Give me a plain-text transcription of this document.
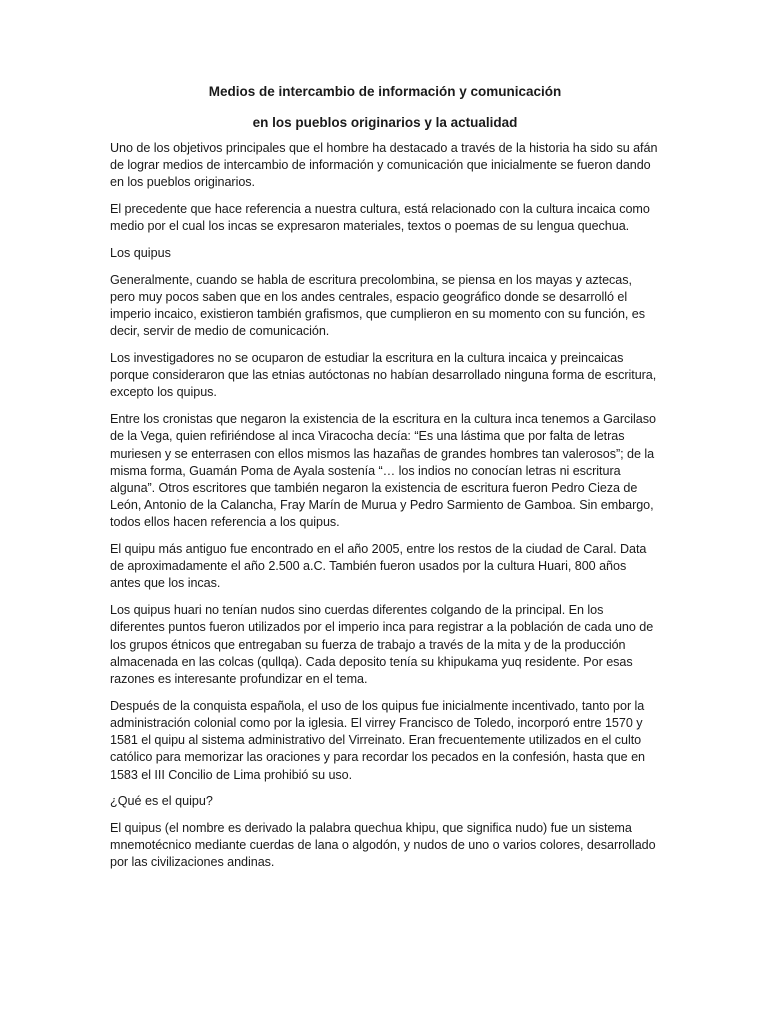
Medios de intercambio de información y comunicación
en los pueblos originarios y la actualidad

Uno de los objetivos principales que el hombre ha destacado a través de la historia ha sido su afán de lograr medios de intercambio de información y comunicación que inicialmente se fueron dando en los pueblos originarios.

El precedente que hace referencia a nuestra cultura, está relacionado con la cultura incaica como medio por el cual los incas se expresaron materiales, textos o poemas de su lengua quechua.

Los quipus

Generalmente, cuando se habla de escritura precolombina, se piensa en los mayas y aztecas, pero muy pocos saben que en los andes centrales, espacio geográfico donde se desarrolló el imperio incaico, existieron también grafismos, que cumplieron en su momento con su función, es decir, servir de medio de comunicación.

Los investigadores no se ocuparon de estudiar la escritura en la cultura incaica y preincaicas porque consideraron que las etnias autóctonas no habían desarrollado ninguna forma de escritura, excepto los quipus.

Entre los cronistas que negaron la existencia de la escritura en la cultura inca tenemos a Garcilaso de la Vega, quien refiriéndose al inca Viracocha decía: “Es una lástima que por falta de letras muriesen y se enterrasen con ellos mismos las hazañas de grandes hombres tan valerosos”; de la misma forma, Guamán Poma de Ayala sostenía “… los indios no conocían letras ni escritura alguna”. Otros escritores que también negaron la existencia de escritura fueron Pedro Cieza de León, Antonio de la Calancha, Fray Marín de Murua y Pedro Sarmiento de Gamboa. Sin embargo, todos ellos hacen referencia a los quipus.

El quipu más antiguo fue encontrado en el año 2005, entre los restos de la ciudad de Caral. Data de aproximadamente el año 2.500 a.C. También fueron usados por la cultura Huari, 800 años antes que los incas.

Los quipus huari no tenían nudos sino cuerdas diferentes colgando de la principal. En los diferentes puntos fueron utilizados por el imperio inca para registrar a la población de cada uno de los grupos étnicos que entregaban su fuerza de trabajo a través de la mita y de la producción almacenada en las colcas (qullqa). Cada deposito tenía su khipukama yuq residente. Por esas razones es interesante profundizar en el tema.

Después de la conquista española, el uso de los quipus fue inicialmente incentivado, tanto por la administración colonial como por la iglesia. El virrey Francisco de Toledo, incorporó entre 1570 y 1581 el quipu al sistema administrativo del Virreinato. Eran frecuentemente utilizados en el culto católico para memorizar las oraciones y para recordar los pecados en la confesión, hasta que en 1583 el III Concilio de Lima prohibió su uso.

¿Qué es el quipu?

El quipus (el nombre es derivado la palabra quechua khipu, que significa nudo) fue un sistema mnemotécnico mediante cuerdas de lana o algodón, y nudos de uno o varios colores, desarrollado por las civilizaciones andinas.
